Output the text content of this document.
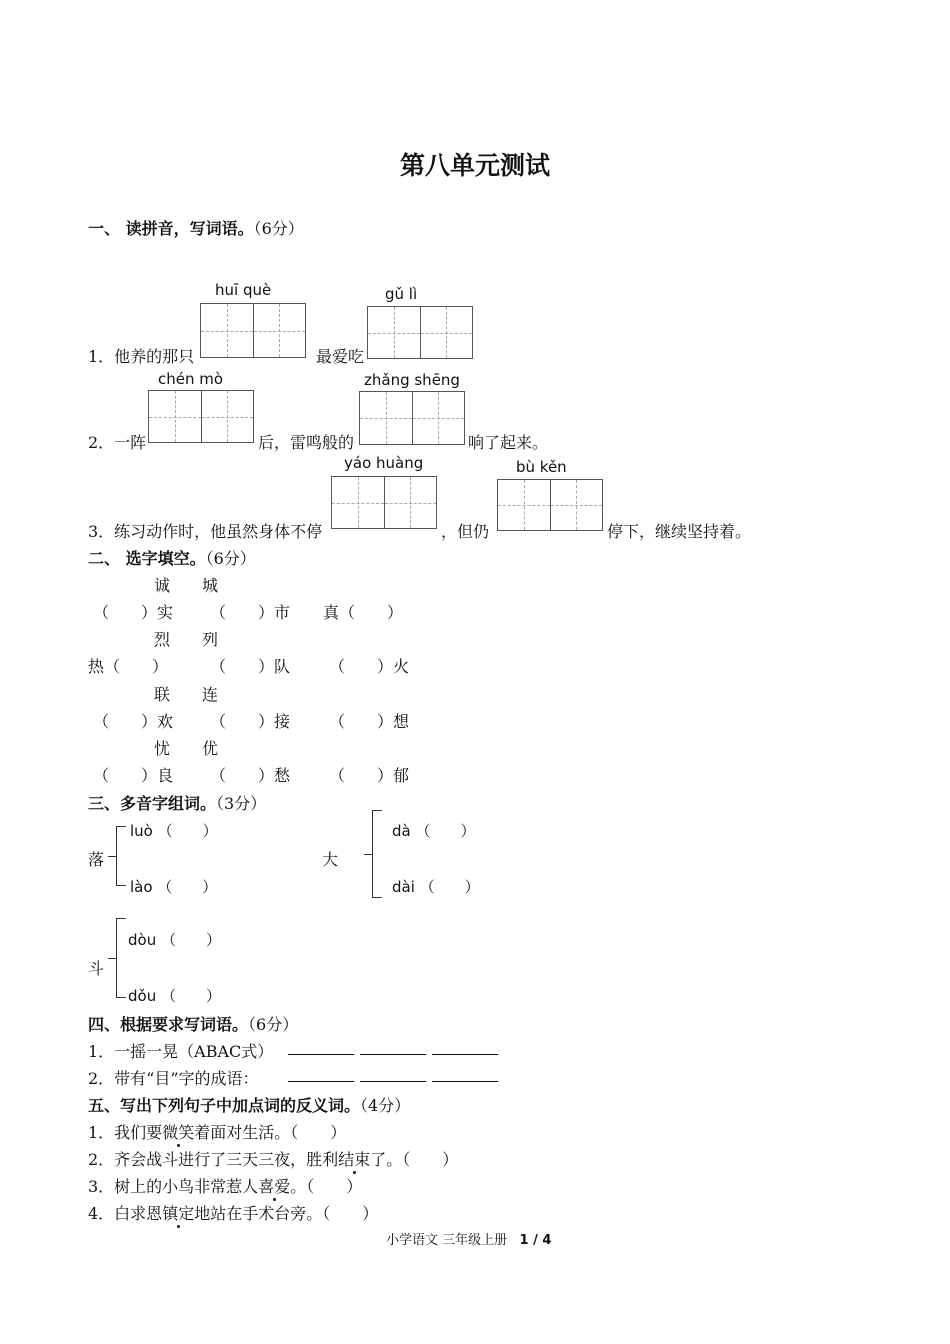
第八单元测试
一、 读拼音，写词语。（6分）
huī què	gǔ lì
1．他养的那只	最爱吃
chén mò	zhǎng shēng
2．一阵	后，雷鸣般的	响了起来。
yáo huàng	bù kěn
3．练习动作时，他虽然身体不停	，但仍	停下，继续坚持着。
二、 选字填空。（6分）
诚　　城
（　　）实 （　　）市 真（　　）
烈　　列
热（　　）	（　　）队 （　　）火
联　　连
（　　）欢 （　　）接 （　　）想
忧　　优
（　　）良 （　　）愁 （　　）郁
三、多音字组词。（3分）
落
luò （　　）
lào （　　）
大
dà （　　）
dài （　　）
斗
dòu （　　）
dǒu （　　）
四、根据要求写词语。（6分）
1．一摇一晃（ABAC式）
2．带有“目”字的成语：
五、写出下列句子中加点词的反义词。（4分）
1．我们要微笑着面对生活。（　　）
2．齐会战斗进行了三天三夜，胜利结束了。（　　）
3．树上的小鸟非常惹人喜爱。（　　）
4．白求恩镇定地站在手术台旁。（　　）
小学语文 三年级上册 1 / 4
